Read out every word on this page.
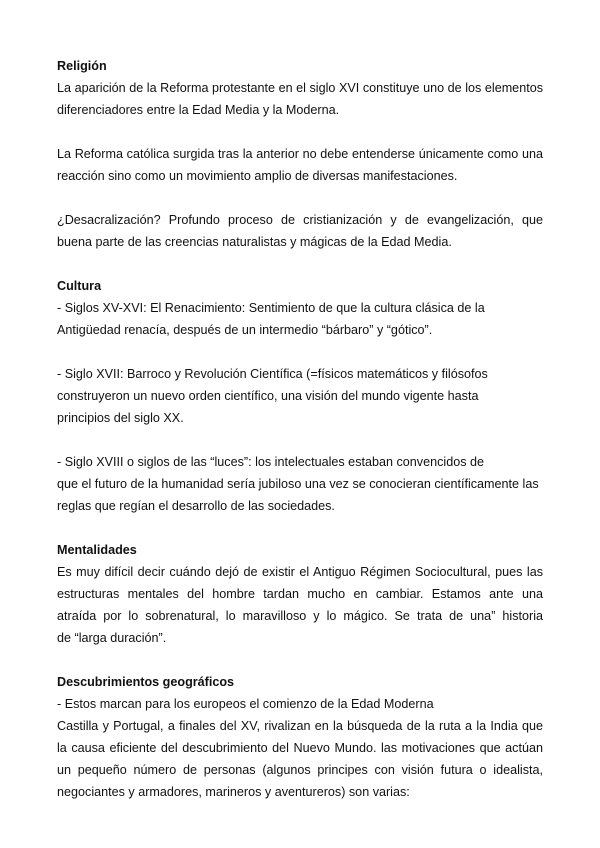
Religión
La aparición de la Reforma protestante en el siglo XVI constituye uno de los elementos
diferenciadores entre la Edad Media y la Moderna.
La Reforma católica surgida tras la anterior no debe entenderse únicamente como una
reacción sino como un movimiento amplio de diversas manifestaciones.
¿Desacralización? Profundo proceso de cristianización y de evangelización, que
buena parte de las creencias naturalistas y mágicas de la Edad Media.
Cultura
- Siglos XV-XVI: El Renacimiento: Sentimiento de que la cultura clásica de la
Antigüedad renacía, después de un intermedio “bárbaro” y “gótico”.
- Siglo XVII: Barroco y Revolución Científica (=físicos matemáticos y filósofos
construyeron un nuevo orden científico, una visión del mundo vigente hasta
principios del siglo XX.
- Siglo XVIII o siglos de las “luces”: los intelectuales estaban convencidos de
que el futuro de la humanidad sería jubiloso una vez se conocieran científicamente las
reglas que regían el desarrollo de las sociedades.
Mentalidades
Es muy difícil decir cuándo dejó de existir el Antiguo Régimen Sociocultural, pues las
estructuras mentales del hombre tardan mucho en cambiar. Estamos ante una
atraída por lo sobrenatural, lo maravilloso y lo mágico. Se trata de una” historia
de “larga duración”.
Descubrimientos geográficos
- Estos marcan para los europeos el comienzo de la Edad Moderna
Castilla y Portugal, a finales del XV, rivalizan en la búsqueda de la ruta a la India que
la causa eficiente del descubrimiento del Nuevo Mundo. las motivaciones que actúan
un pequeño número de personas (algunos principes con visión futura o idealista,
negociantes y armadores, marineros y aventureros) son varias:
